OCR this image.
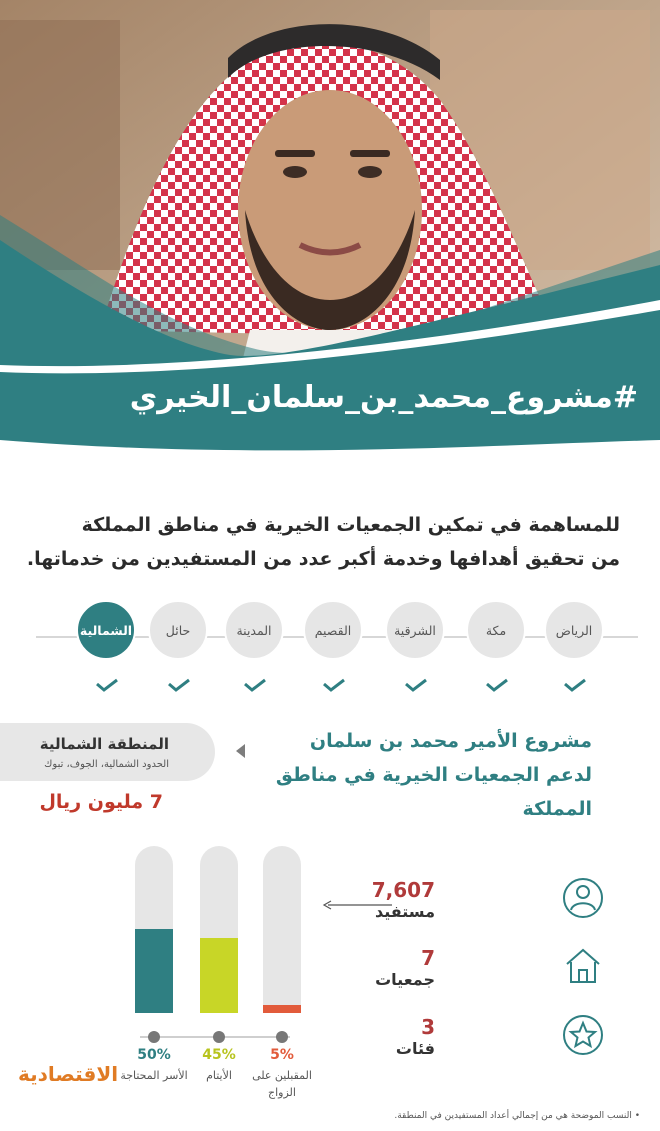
#مشروع_محمد_بن_سلمان_الخيري
للمساهمة في تمكين الجمعيات الخيرية في مناطق المملكة
من تحقيق أهدافها وخدمة أكبر عدد من المستفيدين من خدماتها.
الرياض
مكة
الشرقية
القصيم
المدينة
حائل
الشمالية
المنطقة الشمالية
الحدود الشمالية، الجوف، تبوك
مشروع الأمير محمد بن سلمان
لدعم الجمعيات الخيرية في مناطق المملكة
7 مليون ريال
50%
الأسر المحتاجة
45%
الأيتام
5%
المقبلين على الزواج
7,607
مستفيد
7
جمعيات
3
فئات
الاقتصادية
• النسب الموضحة هي من إجمالي أعداد المستفيدين في المنطقة.
